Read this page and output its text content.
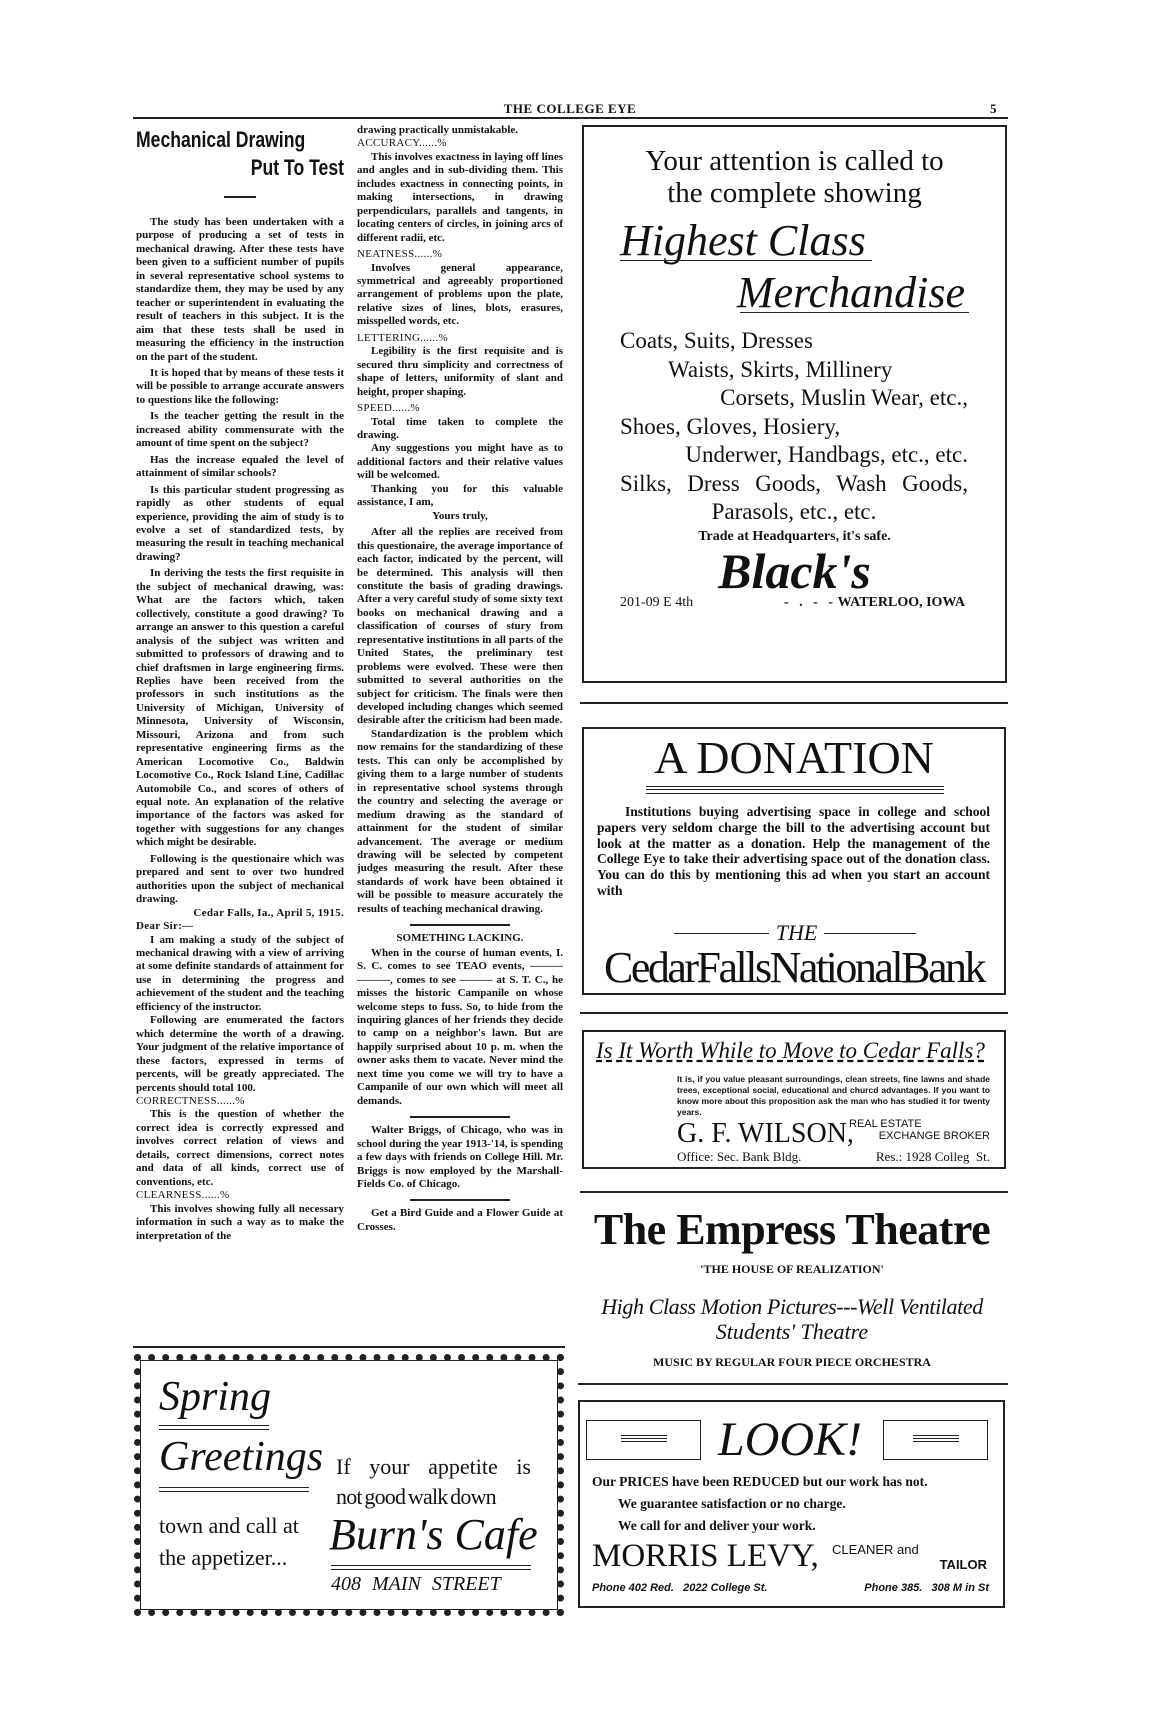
THE COLLEGE EYE	5
Mechanical Drawing
Put To Test

The study has been undertaken with a purpose of producing a set of tests in mechanical drawing. After these tests have been given to a sufficient number of pupils in several representative school systems to standardize them, they may be used by any teacher or superintendent in evaluating the result of teachers in this subject. It is the aim that these tests shall be used in measuring the efficiency in the instruction on the part of the student.

It is hoped that by means of these tests it will be possible to arrange accurate answers to questions like the following:

Is the teacher getting the result in the increased ability commensurate with the amount of time spent on the subject?

Has the increase equaled the level of attainment of similar schools?

Is this particular student progressing as rapidly as other students of equal experience, providing the aim of study is to evolve a set of standardized tests, by measuring the result in teaching mechanical drawing?

In deriving the tests the first requisite in the subject of mechanical drawing, was: What are the factors which, taken collectively, constitute a good drawing? To arrange an answer to this question a careful analysis of the subject was written and submitted to professors of drawing and to chief draftsmen in large engineering firms. Replies have been received from the professors in such institutions as the University of Michigan, University of Minnesota, University of Wisconsin, Missouri, Arizona and from such representative engineering firms as the American Locomotive Co., Baldwin Locomotive Co., Rock Island Line, Cadillac Automobile Co., and scores of others of equal note. An explanation of the relative importance of the factors was asked for together with suggestions for any changes which might be desirable.

Following is the questionaire which was prepared and sent to over two hundred authorities upon the subject of mechanical drawing.

Cedar Falls, Ia., April 5, 1915.

Dear Sir:—

I am making a study of the subject of mechanical drawing with a view of arriving at some definite standards of attainment for use in determining the progress and achievement of the student and the teaching efficiency of the instructor.

Following are enumerated the factors which determine the worth of a drawing. Your judgment of the relative importance of these factors, expressed in terms of percents, will be greatly appreciated. The percents should total 100.

CORRECTNESS......%

This is the question of whether the correct idea is correctly expressed and involves correct relation of views and details, correct dimensions, correct notes and data of all kinds, correct use of conventions, etc.

CLEARNESS......%

This involves showing fully all necessary information in such a way as to make the interpretation of the

drawing practically unmistakable.

ACCURACY......%

This involves exactness in laying off lines and angles and in sub-dividing them. This includes exactness in connecting points, in making intersections, in drawing perpendiculars, parallels and tangents, in locating centers of circles, in joining arcs of different radii, etc.

NEATNESS......%

Involves general appearance, symmetrical and agreeably proportioned arrangement of problems upon the plate, relative sizes of lines, blots, erasures, misspelled words, etc.

LETTERING......%

Legibility is the first requisite and is secured thru simplicity and correctness of shape of letters, uniformity of slant and height, proper shaping.

SPEED......%

Total time taken to complete the drawing.

Any suggestions you might have as to additional factors and their relative values will be welcomed.

Thanking you for this valuable assistance, I am,

Yours truly,

After all the replies are received from this questionaire, the average importance of each factor, indicated by the percent, will be determined. This analysis will then constitute the basis of grading drawings. After a very careful study of some sixty text books on mechanical drawing and a classification of courses of stury from representative institutions in all parts of the United States, the preliminary test problems were evolved. These were then submitted to several authorities on the subject for criticism. The finals were then developed including changes which seemed desirable after the criticism had been made.

Standardization is the problem which now remains for the standardizing of these tests. This can only be accomplished by giving them to a large number of students in representative school systems through the country and selecting the average or medium drawing as the standard of attainment for the student of similar advancement. The average or medium drawing will be selected by competent judges measuring the result. After these standards of work have been obtained it will be possible to measure accurately the results of teaching mechanical drawing.

SOMETHING LACKING.

When in the course of human events, I. S. C. comes to see TEAO events, ——— ———, comes to see ——— at S. T. C., he misses the historic Campanile on whose welcome steps to fuss. So, to hide from the inquiring glances of her friends they decide to camp on a neighbor's lawn. But are happily surprised about 10 p. m. when the owner asks them to vacate. Never mind the next time you come we will try to have a Campanile of our own which will meet all demands.

Walter Briggs, of Chicago, who was in school during the year 1913-'14, is spending a few days with friends on College Hill. Mr. Briggs is now employed by the Marshall-Fields Co. of Chicago.

Get a Bird Guide and a Flower Guide at Crosses.

Your attention is called to
the complete showing
Highest Class
Merchandise
Coats, Suits, Dresses
Waists, Skirts, Millinery
Corsets, Muslin Wear, etc.,
Shoes, Gloves, Hosiery,
Underwer, Handbags, etc., etc.
Silks, Dress Goods, Wash Goods,
Parasols, etc., etc.
Trade at Headquarters, it's safe.
Black's
201-09 E 4th	-   .   -   - WATERLOO, IOWA
A DONATION
Institutions buying advertising space in college and school papers very seldom charge the bill to the advertising account but look at the matter as a donation. Help the management of the College Eye to take their advertising space out of the donation class. You can do this by mentioning this ad when you start an account with
THE
CedarFallsNationalBank
Is It Worth While to Move to Cedar Falls?
It is, if you value pleasant surroundings, clean streets, fine lawns and shade trees, exceptional social, educational and churcd advantages. If you want to know more about this proposition ask the man who has studied it for twenty years.
G. F. WILSON,
REAL ESTATE
EXCHANGE BROKER
Office: Sec. Bank Bldg.	Res.: 1928 Colleg  St.
The Empress Theatre
'THE HOUSE OF REALIZATION'
High Class Motion Pictures---Well Ventilated
Students' Theatre
MUSIC BY REGULAR FOUR PIECE ORCHESTRA
LOOK!
Our PRICES have been REDUCED but our work has not.
We guarantee satisfaction or no charge.
We call for and deliver your work.
MORRIS LEVY, CLEANER and
TAILOR
Phone 402 Red.   2022 College St.	Phone 385.   308 M in St
Spring
Greetings
town and call at
the appetizer...
If your appetite is
not good walk down
Burn's Cafe
408 MAIN STREET
